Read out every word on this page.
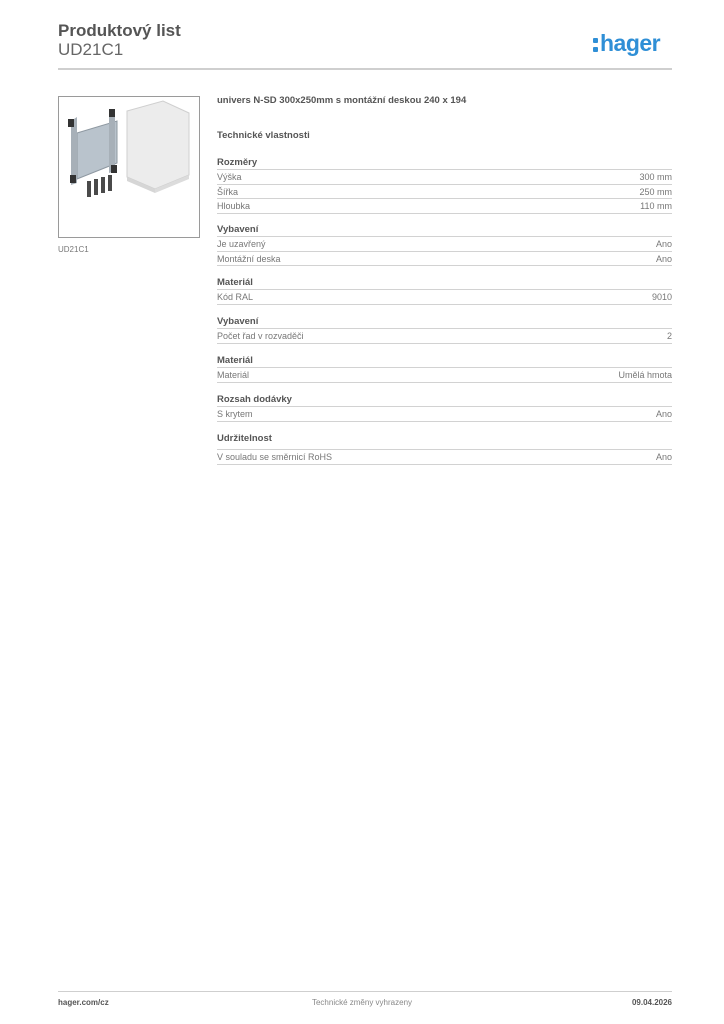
Produktový list
UD21C1	hager
UD21C1
univers N-SD 300x250mm s montážní deskou 240 x 194
Technické vlastnosti
Rozměry
Výška	300 mm
Šířka	250 mm
Hloubka	110 mm
Vybavení
Je uzavřený	Ano
Montážní deska	Ano
Materiál
Kód RAL	9010
Vybavení
Počet řad v rozvaděči	2
Materiál
Materiál	Umělá hmota
Rozsah dodávky
S krytem	Ano
Udržitelnost
V souladu se směrnicí RoHS	Ano
hager.com/cz	Technické změny vyhrazeny	09.04.2026
